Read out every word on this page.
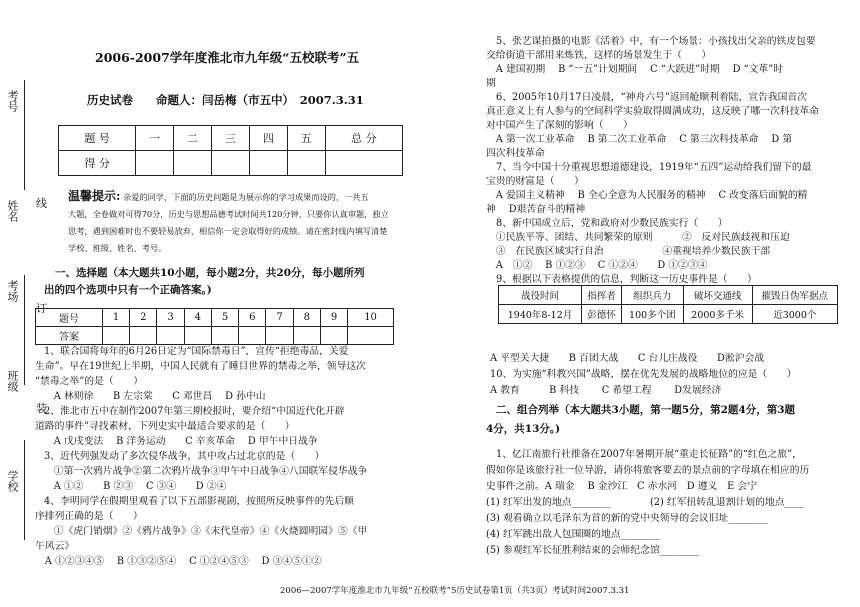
考号
姓名
考场
班级
学校
线
订
装
2006-2007学年度淮北市九年级“五校联考”五
历史试卷　　命题人：闫岳梅（市五中）　2007.3.31
题 号	一	二	三	四	五	总 分
得 分						
温馨提示: 亲爱的同学，下面的历史问题是为展示你的学习成果而设的，一共五
大题，全卷做对可得70分，历史与思想品德考试时间共120分钟，只要你认真审题，独立
思考，遇到困难时也不要轻易放弃，相信你一定会取得好的成绩。请在密封线内填写清楚
学校、班级、姓名、考号。
一、选择题（本大题共10小题，每小题2分，共20分，每小题所列
出的四个选项中只有一个正确答案。)
题号	1	2	3	4	5	6	7	8	9	10
答案										
1、联合国将每年的6月26日定为“国际禁毒日”，宣传“拒绝毒品，关爱
生命”。早在19世纪上半期，中国人民就有了睡目世界的禁毒之举，领导这次
“禁毒之举”的是（　　）
　A 林则徐　　B 左宗棠　　C 邓世昌　 D 孙中山
2、淮北市五中在制作2007年第三期校报时，要介绍“中国近代化开辟
道路的事件”寻找素材，下列史实中最适合要求的是（　　）
　A 戊戌变法　 B 洋务运动　　C 辛亥革命　 D 甲午中日战争
3、近代列强发动了多次侵华战争，其中攻占过北京的是（　　）
　①第一次鸦片战争②第二次鸦片战争③甲午中日战争④八国联军侵华战争
　A ①②　　B ②③　 C ③④　　D ②④
4、李明同学在假期里观看了以下五部影视剧，按照所反映事件的先后顺
序排列正确的是（　　）
　①《虎门销烟》②《鸦片战争》③《末代皇帝》④《火烧圆明园》⑤《甲
午风云》
　A ①②③④⑤　 B ①③②⑤④　 C ①②④⑤③　 D ③④⑤①②
5、张艺谋拍摄的电影《活着》中，有一个场景：小孩找出父亲的铁皮包要
交给街道干部用来炼铁，这样的场景发生于（　　）
　A 建国初期　 B “一五”计划期间　 C “大跃进”时期　 D “文革”时
期
6、2005年10月17日凌晨，“神舟六号”返回舱顺利着陆，宣告我国首次
真正意义上有人参与的空间科学实验取得圆满成功，这反映了哪一次科技革命
对中国产生了深刻的影响（　　）
　A 第一次工业革命　 B 第二次工业革命　 C 第三次科技革命　 D 第
四次科技革命
7、当今中国十分重视思想道德建设，1919年“五四”运动给我们留下的最
宝贵的财富是（　　）
　A 爱国主义精神　 B 全心全意为人民服务的精神　 C 改变落后面貌的精
神　 D艰苦奋斗的精神
8、新中国成立后，党和政府对少数民族实行（　　）
　①民族平等、团结、共同繁荣的原则　　　②　反对民族歧视和压迫
　③　在民族区域实行自治　　　　　　④重视培养少数民族干部
　A　①②　 B ①②③　 C ①②④　　D ①②③④
9、根据以下表格提供的信息，判断这一历史事件是（　　）
战役时间	指挥者	组织兵力	破坏交通线	摧毁日伪军据点
1940年8-12月	彭德怀	100多个团	2000多千米	近3000个
A 平型关大捷　　B 百团大战　　C 台儿庄战役　　D淞沪会战
10、为实施“科教兴国”战略，摆在优先发展的战略地位的应是（　　）
A 教育　　　B 科技　　 C 希望工程　　 D发展经济
二、组合列举（本大题共3小题，第一题5分，第2题4分，第3题
4分，共13分。)
1、亿江南旅行社推备在2007年暑期开展“重走长征路”的“红色之旅”，
假如你是该旅行社一位导游，请你将旅客要去的景点前的字母填在相应的历
史事件之前。A 瑞金　 B 金沙江　C 赤水河　D 遵义　E 会宁
(1) 红军出发的地点________　　　　(2) 红军扭转乱退割计划的地点____
(3) 观看确立以毛泽东为首的新的党中央领导的会议旧址________
(4) 红军跳出敌人包围圈的地点________
(5) 参观红军长征胜利结束的会师纪念馆________
2006—2007学年度淮北市九年级“五校联考”5历史试卷第1页（共3页）考试时间2007.3.31
